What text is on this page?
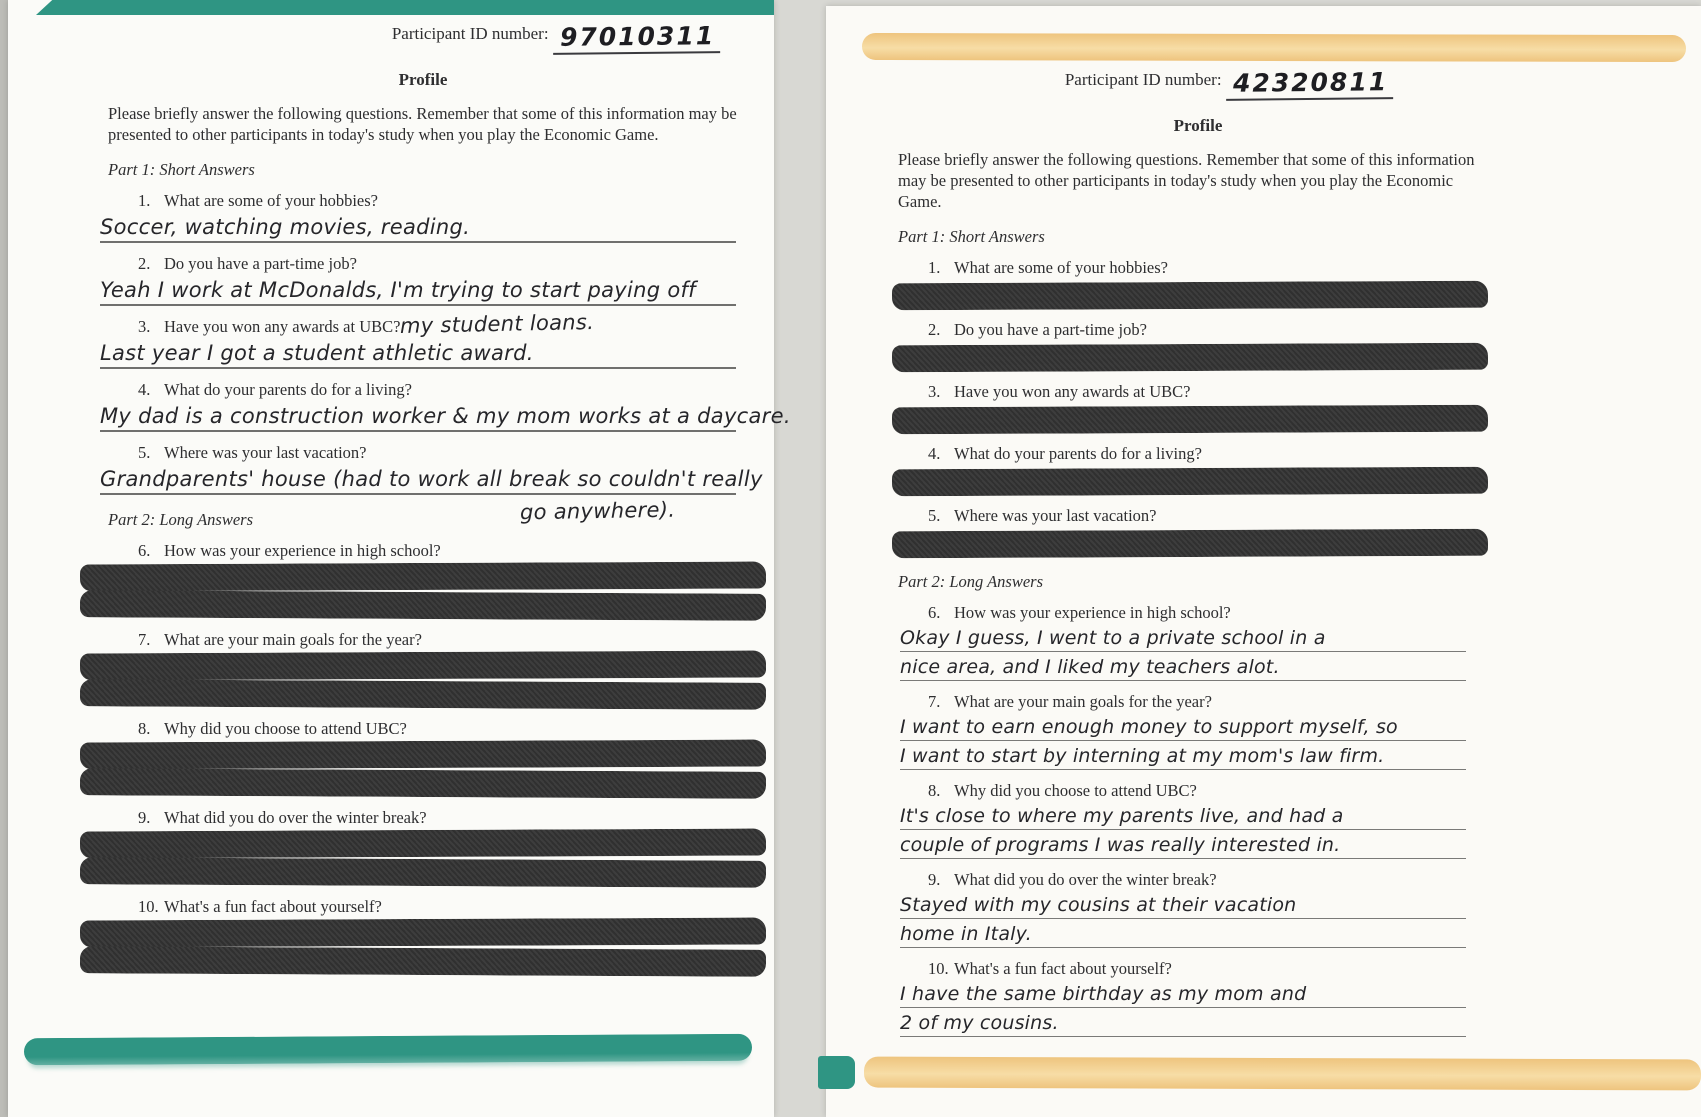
Participant ID number: 97010311
Profile
Please briefly answer the following questions. Remember that some of this information may be presented to other participants in today's study when you play the Economic Game.
Part 1: Short Answers
1. What are some of your hobbies?
Soccer, watching movies, reading.
2. Do you have a part-time job?
Yeah I work at McDonalds, I'm trying to start paying off
my student loans.
3. Have you won any awards at UBC?
Last year I got a student athletic award.
4. What do your parents do for a living?
My dad is a construction worker & my mom works at a daycare.
5. Where was your last vacation?
Grandparents' house (had to work all break so couldn't really
go anywhere).
Part 2: Long Answers
6. How was your experience in high school?
7. What are your main goals for the year?
8. Why did you choose to attend UBC?
9. What did you do over the winter break?
10. What's a fun fact about yourself?
Participant ID number: 42320811
Profile
Please briefly answer the following questions. Remember that some of this information may be presented to other participants in today's study when you play the Economic Game.
Part 1: Short Answers
1. What are some of your hobbies?
2. Do you have a part-time job?
3. Have you won any awards at UBC?
4. What do your parents do for a living?
5. Where was your last vacation?
Part 2: Long Answers
6. How was your experience in high school?
Okay I guess, I went to a private school in a
nice area, and I liked my teachers alot.
7. What are your main goals for the year?
I want to earn enough money to support myself, so
I want to start by interning at my mom's law firm.
8. Why did you choose to attend UBC?
It's close to where my parents live, and had a
couple of programs I was really interested in.
9. What did you do over the winter break?
Stayed with my cousins at their vacation
home in Italy.
10. What's a fun fact about yourself?
I have the same birthday as my mom and
2 of my cousins.
